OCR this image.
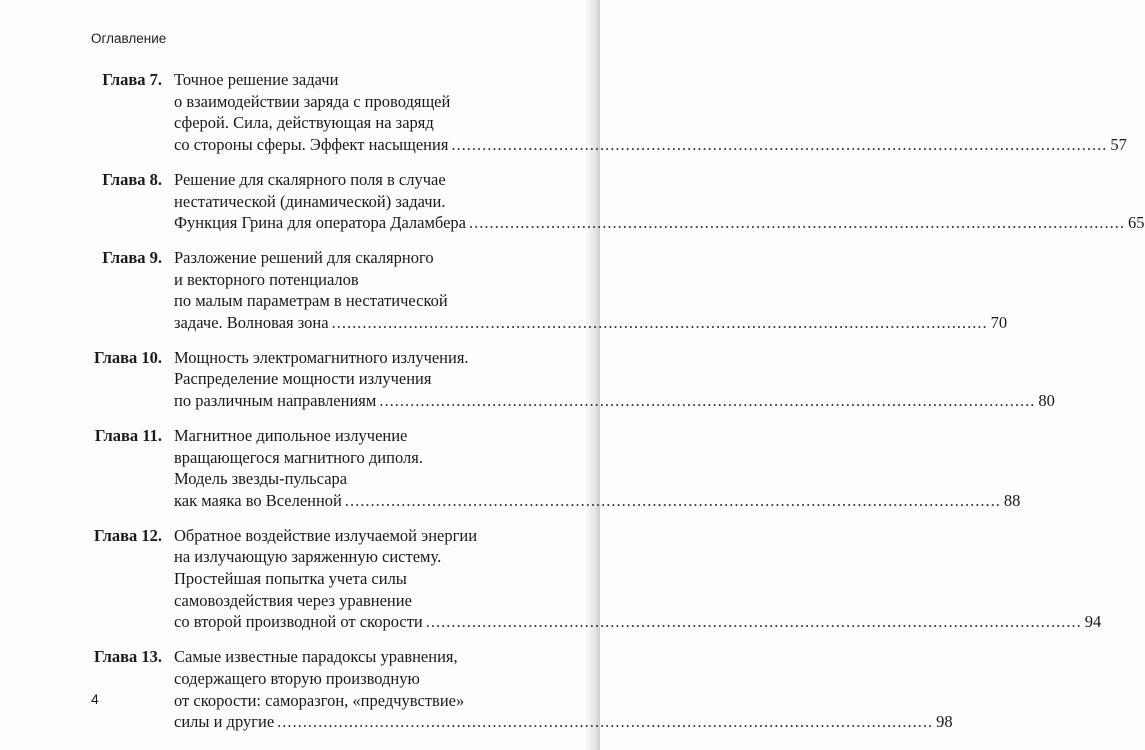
Оглавление
Глава 7. Точное решение задачи
о взаимодействии заряда с проводящей
сферой. Сила, действующая на заряд
со стороны сферы. Эффект насыщения .....	57
Глава 8. Решение для скалярного поля в случае
нестатической (динамической) задачи.
Функция Грина для оператора Даламбера .....	65
Глава 9. Разложение решений для скалярного
и векторного потенциалов
по малым параметрам в нестатической
задаче. Волновая зона .....	70
Глава 10. Мощность электромагнитного излучения.
Распределение мощности излучения
по различным направлениям .....	80
Глава 11. Магнитное дипольное излучение
вращающегося магнитного диполя.
Модель звезды-пульсара
как маяка во Вселенной .....	88
Глава 12. Обратное воздействие излучаемой энергии
на излучающую заряженную систему.
Простейшая попытка учета силы
самовоздействия через уравнение
со второй производной от скорости .....	94
Глава 13. Самые известные парадоксы уравнения,
содержащего вторую производную
от скорости: саморазгон, «предчувствие»
силы и другие .....	98
4
